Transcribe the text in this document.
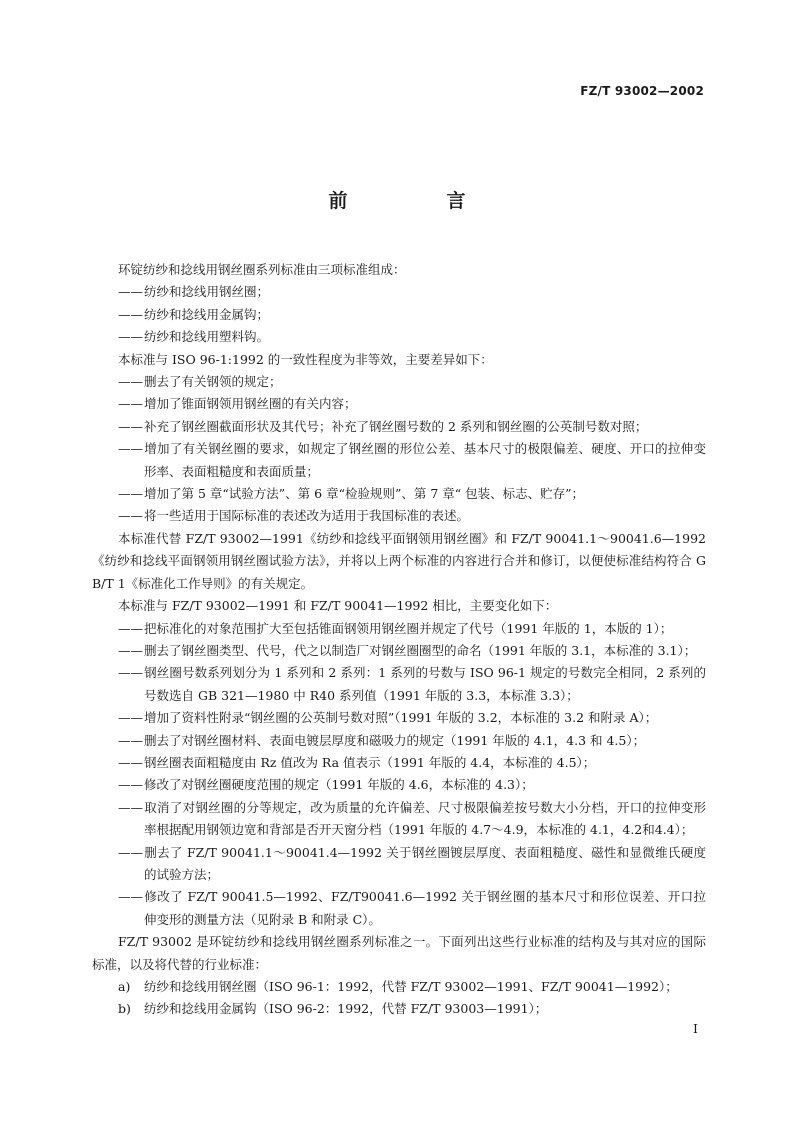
FZ/T 93002—2002
前　言
环锭纺纱和捻线用钢丝圈系列标准由三项标准组成：
——纺纱和捻线用钢丝圈；
——纺纱和捻线用金属钩；
——纺纱和捻线用塑料钩。
本标准与 ISO 96-1:1992 的一致性程度为非等效，主要差异如下：
——删去了有关钢领的规定；
——增加了锥面钢领用钢丝圈的有关内容；
——补充了钢丝圈截面形状及其代号；补充了钢丝圈号数的 2 系列和钢丝圈的公英制号数对照；
——增加了有关钢丝圈的要求，如规定了钢丝圈的形位公差、基本尺寸的极限偏差、硬度、开口的拉伸变形率、表面粗糙度和表面质量；
——增加了第 5 章“试验方法”、第 6 章“检验规则”、第 7 章“ 包装、标志、贮存”；
——将一些适用于国际标准的表述改为适用于我国标准的表述。
本标准代替 FZ/T 93002—1991《纺纱和捻线平面钢领用钢丝圈》和 FZ/T 90041.1～90041.6—1992《纺纱和捻线平面钢领用钢丝圈试验方法》，并将以上两个标准的内容进行合并和修订，以便使标准结构符合 GB/T 1《标准化工作导则》的有关规定。
本标准与 FZ/T 93002—1991 和 FZ/T 90041—1992 相比，主要变化如下：
——把标准化的对象范围扩大至包括锥面钢领用钢丝圈并规定了代号（1991 年版的 1，本版的 1）；
——删去了钢丝圈类型、代号，代之以制造厂对钢丝圈圈型的命名（1991 年版的 3.1，本标准的 3.1）；
——钢丝圈号数系列划分为 1 系列和 2 系列：1 系列的号数与 ISO 96-1 规定的号数完全相同，2 系列的号数选自 GB 321—1980 中 R40 系列值（1991 年版的 3.3，本标准 3.3）；
——增加了资料性附录“钢丝圈的公英制号数对照”（1991 年版的 3.2，本标准的 3.2 和附录 A）；
——删去了对钢丝圈材料、表面电镀层厚度和磁吸力的规定（1991 年版的 4.1，4.3 和 4.5）；
——钢丝圈表面粗糙度由 Rz 值改为 Ra 值表示（1991 年版的 4.4，本标准的 4.5）；
——修改了对钢丝圈硬度范围的规定（1991 年版的 4.6，本标准的 4.3）；
——取消了对钢丝圈的分等规定，改为质量的允许偏差、尺寸极限偏差按号数大小分档，开口的拉伸变形率根据配用钢领边宽和背部是否开天窗分档（1991 年版的 4.7～4.9，本标准的 4.1，4.2和4.4）；
——删去了 FZ/T 90041.1～90041.4—1992 关于钢丝圈镀层厚度、表面粗糙度、磁性和显微维氏硬度的试验方法；
——修改了 FZ/T 90041.5—1992、FZ/T90041.6—1992 关于钢丝圈的基本尺寸和形位误差、开口拉伸变形的测量方法（见附录 B 和附录 C）。
FZ/T 93002 是环锭纺纱和捻线用钢丝圈系列标准之一。下面列出这些行业标准的结构及与其对应的国际标准，以及将代替的行业标准：
a) 纺纱和捻线用钢丝圈（ISO 96-1：1992，代替 FZ/T 93002—1991、FZ/T 90041—1992）；
b) 纺纱和捻线用金属钩（ISO 96-2：1992，代替 FZ/T 93003—1991）；
I
